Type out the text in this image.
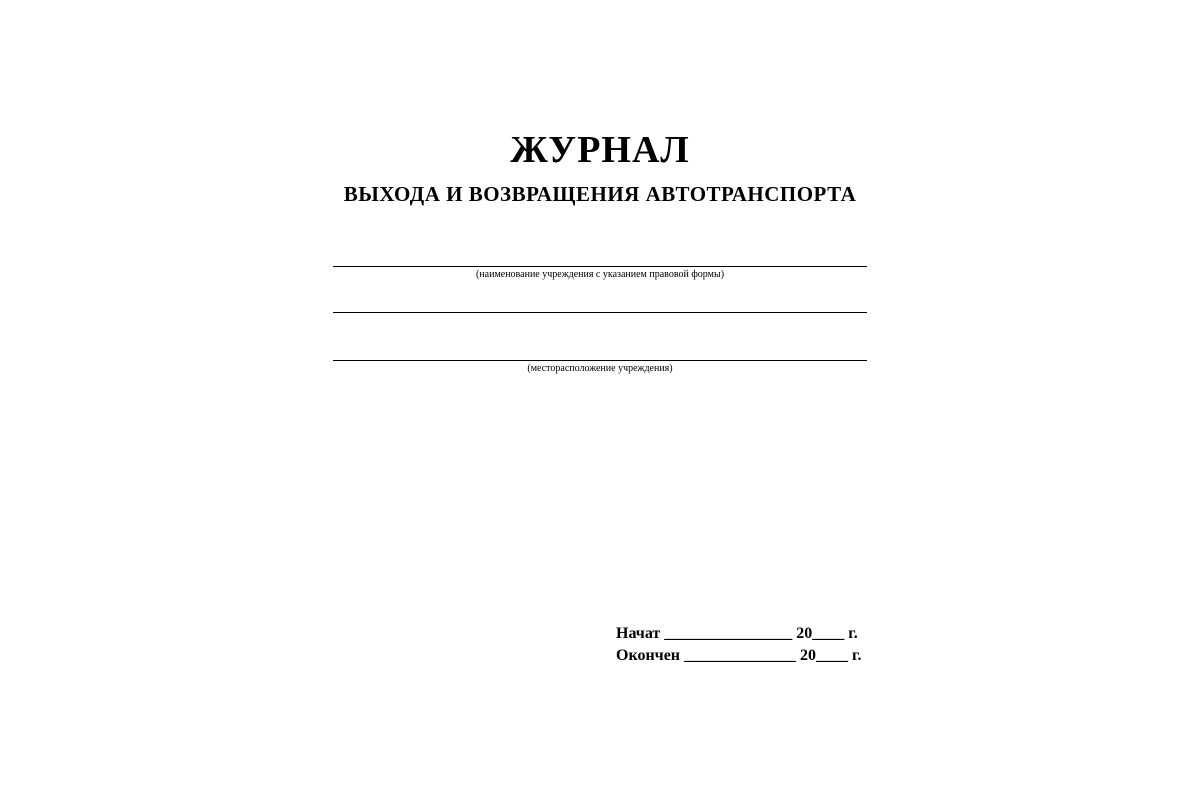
ЖУРНАЛ
ВЫХОДА И ВОЗВРАЩЕНИЯ АВТОТРАНСПОРТА
(наименование учреждения с указанием правовой формы)
(месторасположение учреждения)
Начат ________________ 20____ г.
Окончен ______________ 20____ г.
